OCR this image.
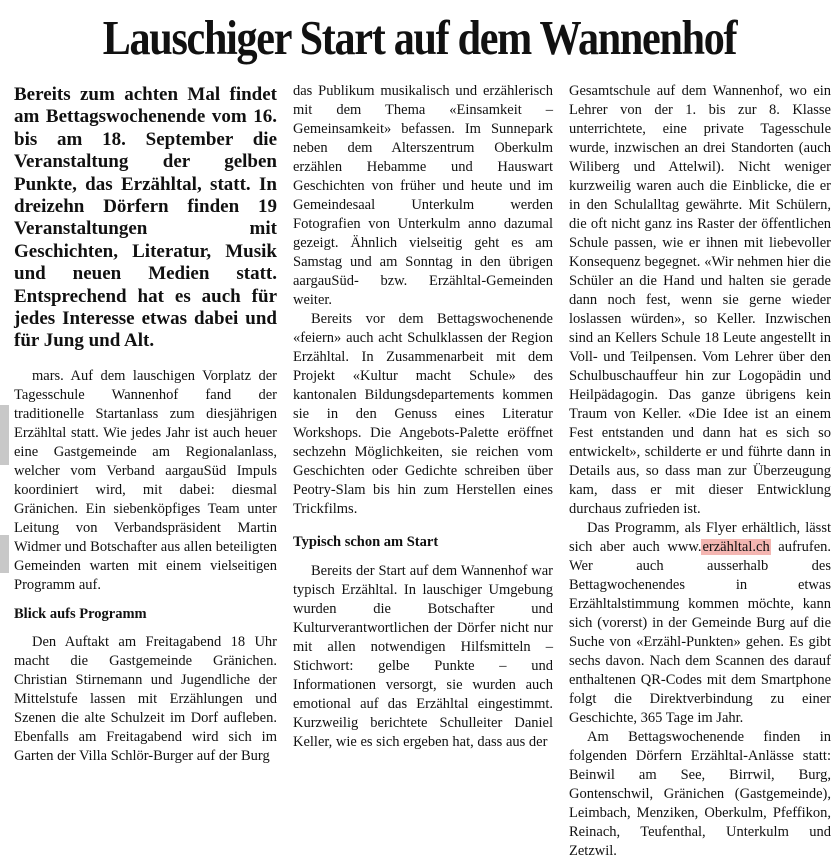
Lauschiger Start auf dem Wannenhof

Bereits zum achten Mal findet am Bettagswochenende vom 16. bis am 18. September die Veranstaltung der gelben Punkte, das Erzähltal, statt. In dreizehn Dörfern finden 19 Veranstaltungen mit Geschichten, Literatur, Musik und neuen Medien statt. Entsprechend hat es auch für jedes Interesse etwas dabei und für Jung und Alt.

mars. Auf dem lauschigen Vorplatz der Tagesschule Wannenhof fand der traditionelle Startanlass zum diesjährigen Erzähltal statt. Wie jedes Jahr ist auch heuer eine Gastgemeinde am Regionalanlass, welcher vom Verband aargauSüd Impuls koordiniert wird, mit dabei: diesmal Gränichen. Ein siebenköpfiges Team unter Leitung von Verbandspräsident Martin Widmer und Botschafter aus allen beteiligten Gemeinden warten mit einem vielseitigen Programm auf.

Blick aufs Programm

Den Auftakt am Freitagabend 18 Uhr macht die Gastgemeinde Gränichen. Christian Stirnemann und Jugendliche der Mittelstufe lassen mit Erzählungen und Szenen die alte Schulzeit im Dorf aufleben. Ebenfalls am Freitagabend wird sich im Garten der Villa Schlör-Burger auf der Burg

das Publikum musikalisch und erzählerisch mit dem Thema «Einsamkeit – Gemeinsamkeit» befassen. Im Sunnepark neben dem Alterszentrum Oberkulm erzählen Hebamme und Hauswart Geschichten von früher und heute und im Gemeindesaal Unterkulm werden Fotografien von Unterkulm anno dazumal gezeigt. Ähnlich vielseitig geht es am Samstag und am Sonntag in den übrigen aargauSüd- bzw. Erzähltal-Gemeinden weiter.

Bereits vor dem Bettagswochenende «feiern» auch acht Schulklassen der Region Erzähltal. In Zusammenarbeit mit dem Projekt «Kultur macht Schule» des kantonalen Bildungsdepartements kommen sie in den Genuss eines Literatur Workshops. Die Angebots-Palette eröffnet sechzehn Möglichkeiten, sie reichen vom Geschichten oder Gedichte schreiben über Peotry-Slam bis hin zum Herstellen eines Trickfilms.

Typisch schon am Start

Bereits der Start auf dem Wannenhof war typisch Erzähltal. In lauschiger Umgebung wurden die Botschafter und Kulturverantwortlichen der Dörfer nicht nur mit allen notwendigen Hilfsmitteln – Stichwort: gelbe Punkte – und Informationen versorgt, sie wurden auch emotional auf das Erzähltal eingestimmt. Kurzweilig berichtete Schulleiter Daniel Keller, wie es sich ergeben hat, dass aus der

Gesamtschule auf dem Wannenhof, wo ein Lehrer von der 1. bis zur 8. Klasse unterrichtete, eine private Tagesschule wurde, inzwischen an drei Standorten (auch Wiliberg und Attelwil). Nicht weniger kurzweilig waren auch die Einblicke, die er in den Schulalltag gewährte. Mit Schülern, die oft nicht ganz ins Raster der öffentlichen Schule passen, wie er ihnen mit liebevoller Konsequenz begegnet. «Wir nehmen hier die Schüler an die Hand und halten sie gerade dann noch fest, wenn sie gerne wieder loslassen würden», so Keller. Inzwischen sind an Kellers Schule 18 Leute angestellt in Voll- und Teilpensen. Vom Lehrer über den Schulbuschauffeur hin zur Logopädin und Heilpädagogin. Das ganze übrigens kein Traum von Keller. «Die Idee ist an einem Fest entstanden und dann hat es sich so entwickelt», schilderte er und führte dann in Details aus, so dass man zur Überzeugung kam, dass er mit dieser Entwicklung durchaus zufrieden ist.

Das Programm, als Flyer erhältlich, lässt sich aber auch www.erzähltal.ch aufrufen. Wer auch ausserhalb des Bettagwochenendes in etwas Erzähltalstimmung kommen möchte, kann sich (vorerst) in der Gemeinde Burg auf die Suche von «Erzähl-Punkten» gehen. Es gibt sechs davon. Nach dem Scannen des darauf enthaltenen QR-Codes mit dem Smartphone folgt die Direktverbindung zu einer Geschichte, 365 Tage im Jahr.

Am Bettagswochenende finden in folgenden Dörfern Erzähltal-Anlässe statt: Beinwil am See, Birrwil, Burg, Gontenschwil, Gränichen (Gastgemeinde), Leimbach, Menziken, Oberkulm, Pfeffikon, Reinach, Teufenthal, Unterkulm und Zetzwil.
